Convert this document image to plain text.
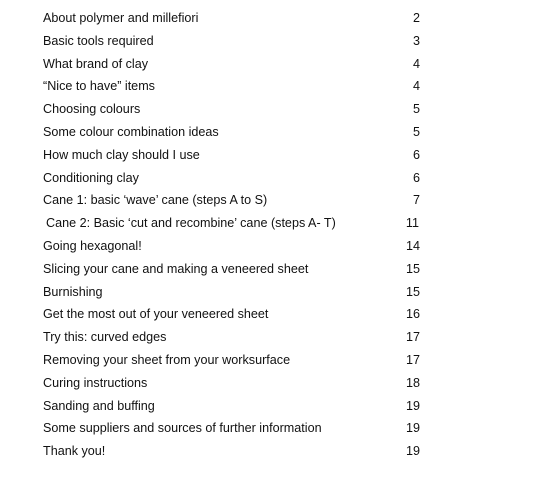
About polymer and millefiori	2
Basic tools required	3
What brand of clay	4
“Nice to have” items	4
Choosing colours	5
Some colour combination ideas	5
How much clay should I use	6
Conditioning clay	6
Cane 1: basic ‘wave’ cane (steps A to S)	7
Cane 2: Basic ‘cut and recombine’ cane (steps A- T)	11
Going hexagonal!	14
Slicing your cane and making a veneered sheet	15
Burnishing	15
Get the most out of your veneered sheet	16
Try this: curved edges	17
Removing your sheet from your worksurface	17
Curing instructions	18
Sanding and buffing	19
Some suppliers and sources of further information	19
Thank you!	19
